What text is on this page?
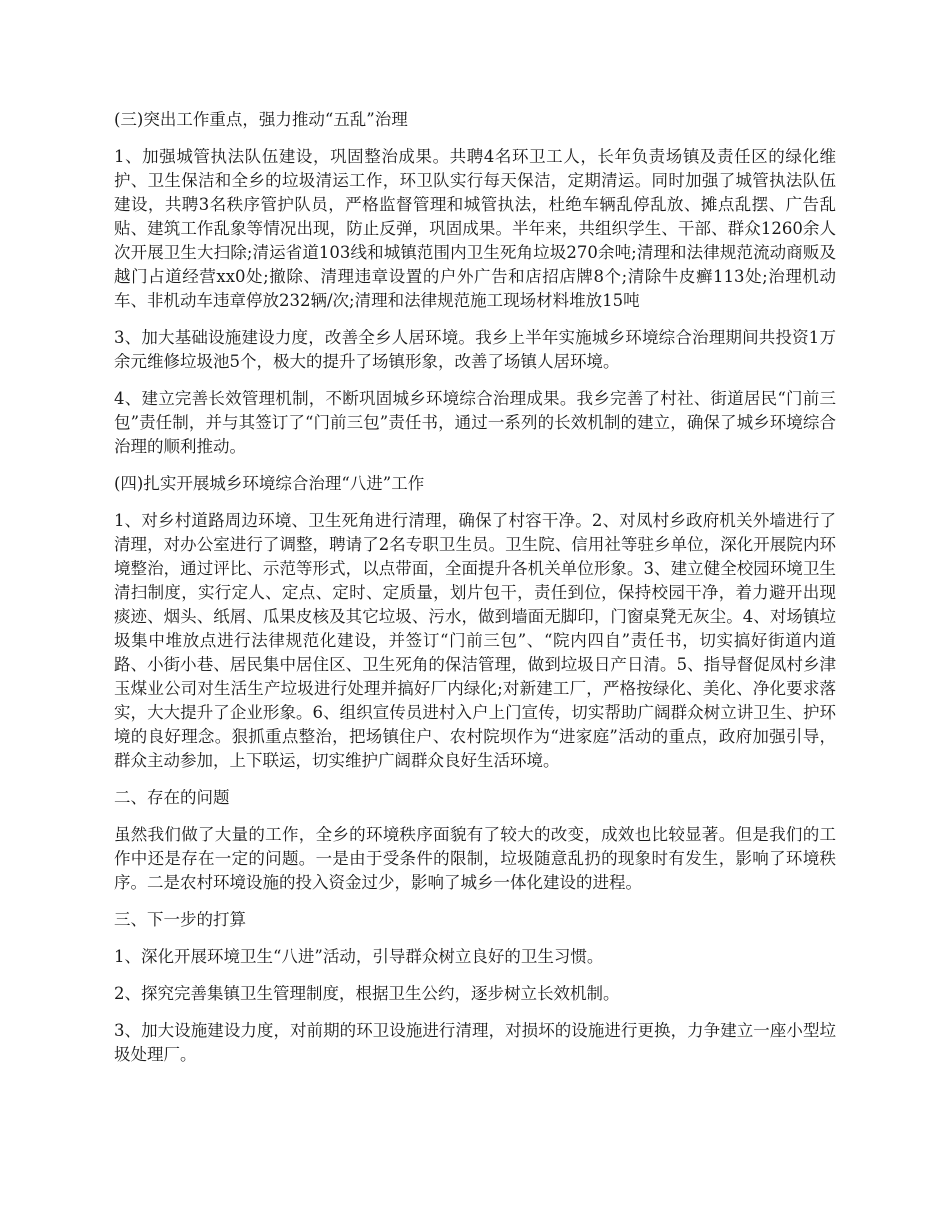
(三)突出工作重点，强力推动“五乱”治理

1、加强城管执法队伍建设，巩固整治成果。共聘4名环卫工人，长年负责场镇及责任区的绿化维护、卫生保洁和全乡的垃圾清运工作，环卫队实行每天保洁，定期清运。同时加强了城管执法队伍建设，共聘3名秩序管护队员，严格监督管理和城管执法，杜绝车辆乱停乱放、摊点乱摆、广告乱贴、建筑工作乱象等情况出现，防止反弹，巩固成果。半年来，共组织学生、干部、群众1260余人次开展卫生大扫除;清运省道103线和城镇范围内卫生死角垃圾270余吨;清理和法律规范流动商贩及越门占道经营xx0处;撤除、清理违章设置的户外广告和店招店牌8个;清除牛皮癣113处;治理机动车、非机动车违章停放232辆/次;清理和法律规范施工现场材料堆放15吨

3、加大基础设施建设力度，改善全乡人居环境。我乡上半年实施城乡环境综合治理期间共投资1万余元维修垃圾池5个，极大的提升了场镇形象，改善了场镇人居环境。

4、建立完善长效管理机制，不断巩固城乡环境综合治理成果。我乡完善了村社、街道居民“门前三包”责任制，并与其签订了“门前三包”责任书，通过一系列的长效机制的建立，确保了城乡环境综合治理的顺利推动。

(四)扎实开展城乡环境综合治理“八进”工作

1、对乡村道路周边环境、卫生死角进行清理，确保了村容干净。2、对凤村乡政府机关外墙进行了清理，对办公室进行了调整，聘请了2名专职卫生员。卫生院、信用社等驻乡单位，深化开展院内环境整治，通过评比、示范等形式，以点带面，全面提升各机关单位形象。3、建立健全校园环境卫生清扫制度，实行定人、定点、定时、定质量，划片包干，责任到位，保持校园干净，着力避开出现痰迹、烟头、纸屑、瓜果皮核及其它垃圾、污水，做到墙面无脚印，门窗桌凳无灰尘。4、对场镇垃圾集中堆放点进行法律规范化建设，并签订“门前三包”、“院内四自”责任书，切实搞好街道内道路、小街小巷、居民集中居住区、卫生死角的保洁管理，做到垃圾日产日清。5、指导督促凤村乡津玉煤业公司对生活生产垃圾进行处理并搞好厂内绿化;对新建工厂，严格按绿化、美化、净化要求落实，大大提升了企业形象。6、组织宣传员进村入户上门宣传，切实帮助广阔群众树立讲卫生、护环境的良好理念。狠抓重点整治，把场镇住户、农村院坝作为“进家庭”活动的重点，政府加强引导，群众主动参加，上下联运，切实维护广阔群众良好生活环境。

二、存在的问题

虽然我们做了大量的工作，全乡的环境秩序面貌有了较大的改变，成效也比较显著。但是我们的工作中还是存在一定的问题。一是由于受条件的限制，垃圾随意乱扔的现象时有发生，影响了环境秩序。二是农村环境设施的投入资金过少，影响了城乡一体化建设的进程。

三、下一步的打算

1、深化开展环境卫生“八进”活动，引导群众树立良好的卫生习惯。

2、探究完善集镇卫生管理制度，根据卫生公约，逐步树立长效机制。

3、加大设施建设力度，对前期的环卫设施进行清理，对损坏的设施进行更换，力争建立一座小型垃圾处理厂。
